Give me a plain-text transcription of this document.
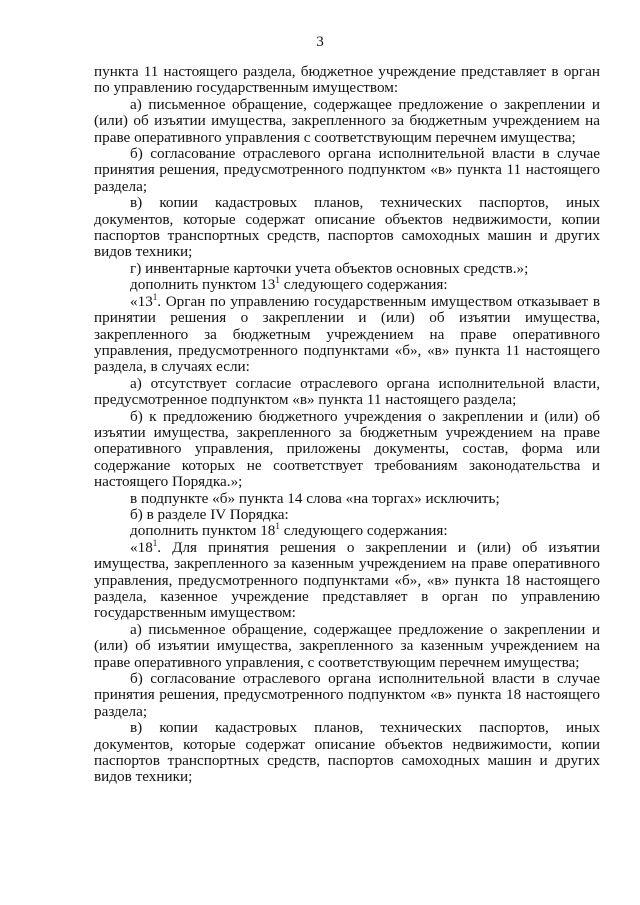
3

пункта 11 настоящего раздела, бюджетное учреждение представляет в орган по управлению государственным имуществом:

а) письменное обращение, содержащее предложение о закреплении и (или) об изъятии имущества, закрепленного за бюджетным учреждением на праве оперативного управления с соответствующим перечнем имущества;

б) согласование отраслевого органа исполнительной власти в случае принятия решения, предусмотренного подпунктом «в» пункта 11 настоящего раздела;

в) копии кадастровых планов, технических паспортов, иных документов, которые содержат описание объектов недвижимости, копии паспортов транспортных средств, паспортов самоходных машин и других видов техники;

г) инвентарные карточки учета объектов основных средств.»;

дополнить пунктом $13^1$ следующего содержания:

«$13^1$. Орган по управлению государственным имуществом отказывает в принятии решения о закреплении и (или) об изъятии имущества, закрепленного за бюджетным учреждением на праве оперативного управления, предусмотренного подпунктами «б», «в» пункта 11 настоящего раздела, в случаях если:

а) отсутствует согласие отраслевого органа исполнительной власти, предусмотренное подпунктом «в» пункта 11 настоящего раздела;

б) к предложению бюджетного учреждения о закреплении и (или) об изъятии имущества, закрепленного за бюджетным учреждением на праве оперативного управления, приложены документы, состав, форма или содержание которых не соответствует требованиям законодательства и настоящего Порядка.»;

в подпункте «б» пункта 14 слова «на торгах» исключить;

б) в разделе IV Порядка:

дополнить пунктом $18^1$ следующего содержания:

«$18^1$. Для принятия решения о закреплении и (или) об изъятии имущества, закрепленного за казенным учреждением на праве оперативного управления, предусмотренного подпунктами «б», «в» пункта 18 настоящего раздела, казенное учреждение представляет в орган по управлению государственным имуществом:

а) письменное обращение, содержащее предложение о закреплении и (или) об изъятии имущества, закрепленного за казенным учреждением на праве оперативного управления, с соответствующим перечнем имущества;

б) согласование отраслевого органа исполнительной власти в случае принятия решения, предусмотренного подпунктом «в» пункта 18 настоящего раздела;

в) копии кадастровых планов, технических паспортов, иных документов, которые содержат описание объектов недвижимости, копии паспортов транспортных средств, паспортов самоходных машин и других видов техники;
